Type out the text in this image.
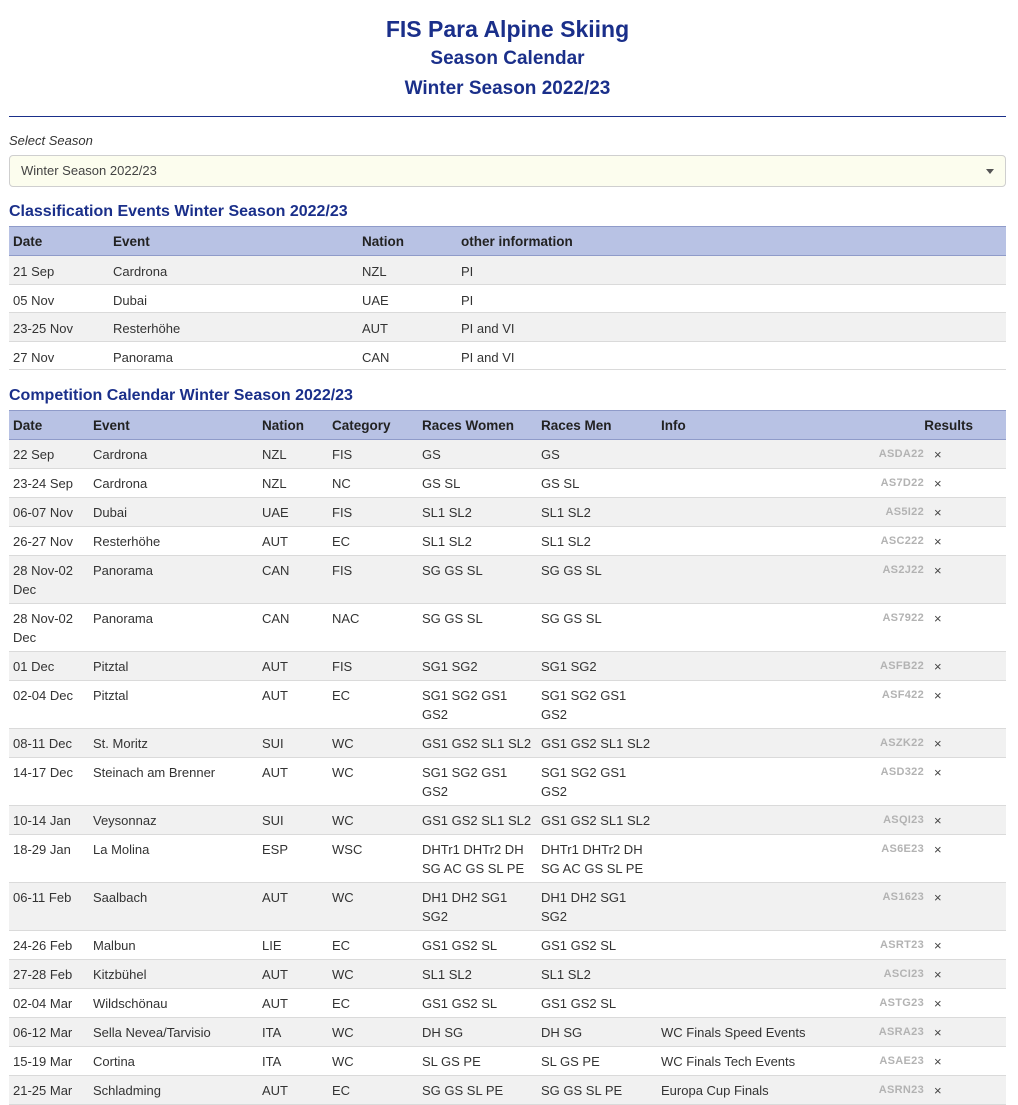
FIS Para Alpine Skiing
Season Calendar
Winter Season 2022/23
Select Season
Winter Season 2022/23
Classification Events Winter Season 2022/23
Date	Event	Nation	other information
21 Sep	Cardrona	NZL	PI
05 Nov	Dubai	UAE	PI
23-25 Nov	Resterhöhe	AUT	PI and VI
27 Nov	Panorama	CAN	PI and VI
Competition Calendar Winter Season 2022/23
Date	Event	Nation	Category	Races Women	Races Men	Info	Results	
22 Sep	Cardrona	NZL	FIS	GS	GS		ASDA22	×
23-24 Sep	Cardrona	NZL	NC	GS SL	GS SL		AS7D22	×
06-07 Nov	Dubai	UAE	FIS	SL1 SL2	SL1 SL2		AS5I22	×
26-27 Nov	Resterhöhe	AUT	EC	SL1 SL2	SL1 SL2		ASC222	×
28 Nov-02 Dec	Panorama	CAN	FIS	SG GS SL	SG GS SL		AS2J22	×
28 Nov-02 Dec	Panorama	CAN	NAC	SG GS SL	SG GS SL		AS7922	×
01 Dec	Pitztal	AUT	FIS	SG1 SG2	SG1 SG2		ASFB22	×
02-04 Dec	Pitztal	AUT	EC	SG1 SG2 GS1 GS2	SG1 SG2 GS1 GS2		ASF422	×
08-11 Dec	St. Moritz	SUI	WC	GS1 GS2 SL1 SL2	GS1 GS2 SL1 SL2		ASZK22	×
14-17 Dec	Steinach am Brenner	AUT	WC	SG1 SG2 GS1 GS2	SG1 SG2 GS1 GS2		ASD322	×
10-14 Jan	Veysonnaz	SUI	WC	GS1 GS2 SL1 SL2	GS1 GS2 SL1 SL2		ASQI23	×
18-29 Jan	La Molina	ESP	WSC	DHTr1 DHTr2 DH SG AC GS SL PE	DHTr1 DHTr2 DH SG AC GS SL PE		AS6E23	×
06-11 Feb	Saalbach	AUT	WC	DH1 DH2 SG1 SG2	DH1 DH2 SG1 SG2		AS1623	×
24-26 Feb	Malbun	LIE	EC	GS1 GS2 SL	GS1 GS2 SL		ASRT23	×
27-28 Feb	Kitzbühel	AUT	WC	SL1 SL2	SL1 SL2		ASCI23	×
02-04 Mar	Wildschönau	AUT	EC	GS1 GS2 SL	GS1 GS2 SL		ASTG23	×
06-12 Mar	Sella Nevea/Tarvisio	ITA	WC	DH SG	DH SG	WC Finals Speed Events	ASRA23	×
15-19 Mar	Cortina	ITA	WC	SL GS PE	SL GS PE	WC Finals Tech Events	ASAE23	×
21-25 Mar	Schladming	AUT	EC	SG GS SL PE	SG GS SL PE	Europa Cup Finals	ASRN23	×
